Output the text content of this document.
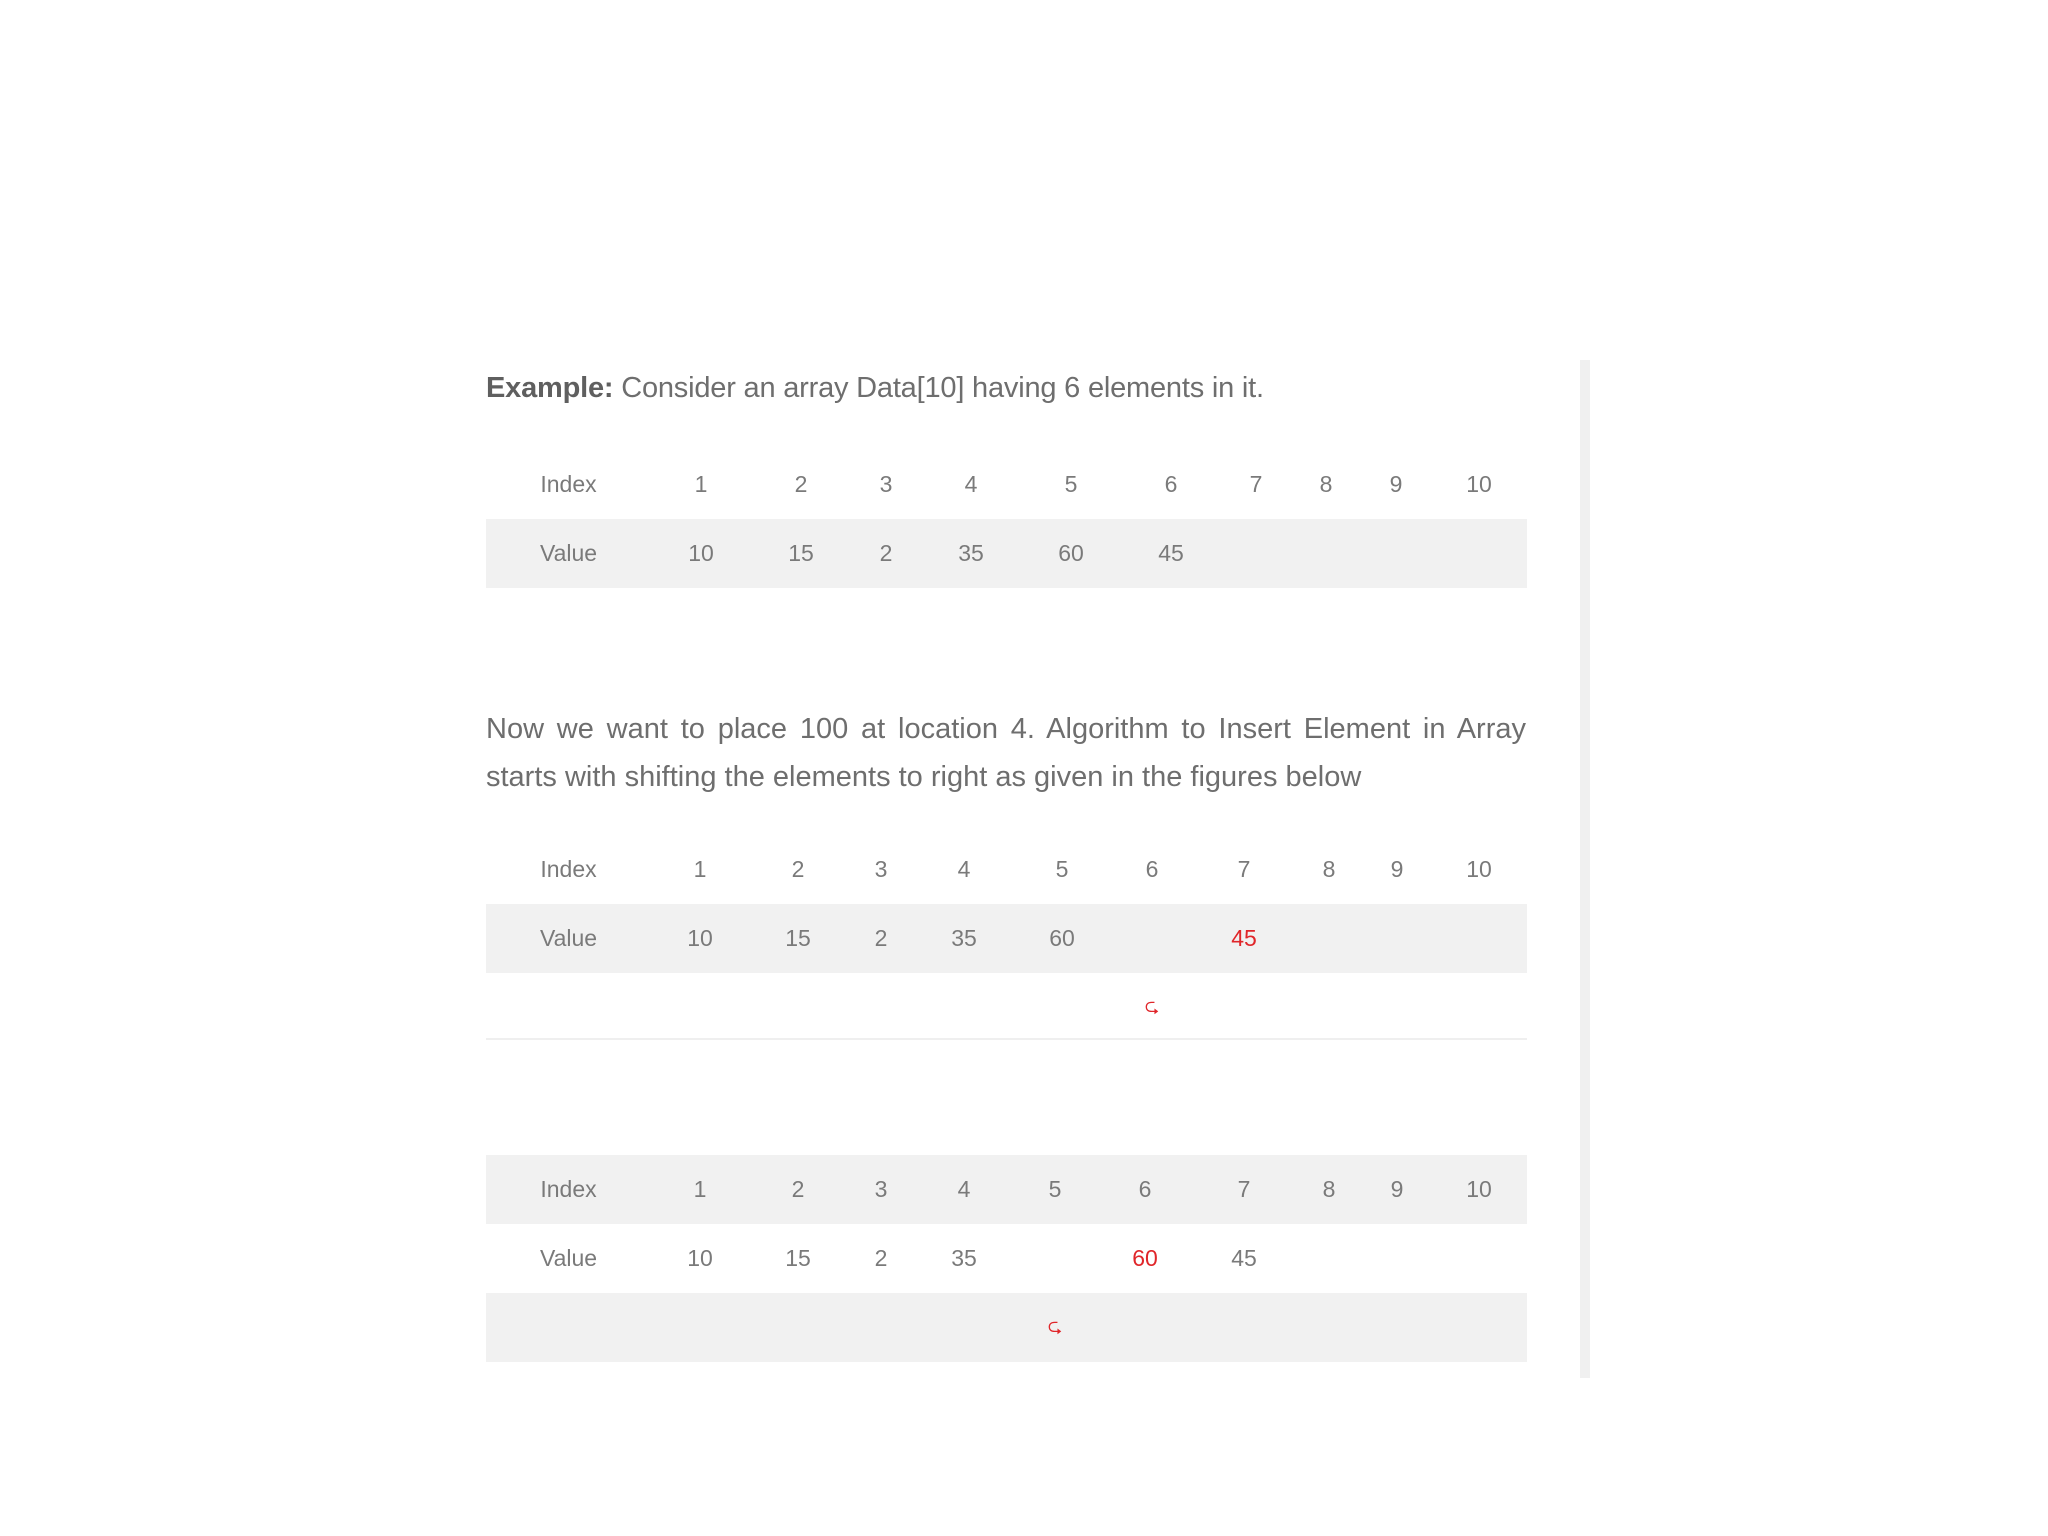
Example: Consider an array Data[10] having 6 elements in it.
Index	1	2	3	4	5	6	7	8	9	10
Value	10	15	2	35	60	45				
Now we want to place 100 at location 4. Algorithm to Insert Element in Array starts with shifting the elements to right as given in the figures below
Index	1	2	3	4	5	6	7	8	9	10
Value	10	15	2	35	60		45			
						⮎				
Index	1	2	3	4	5	6	7	8	9	10
Value	10	15	2	35		60	45			
					⮎					
